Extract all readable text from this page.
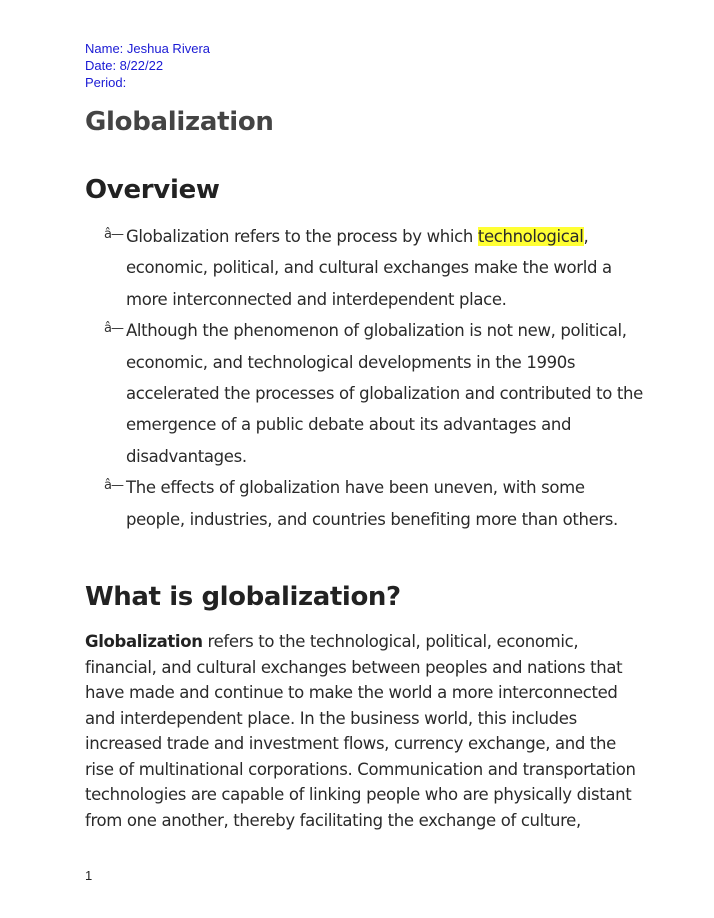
Name: Jeshua Rivera
Date: 8/22/22
Period:
Globalization
Overview
â— Globalization refers to the process by which technological, economic, political, and cultural exchanges make the world a more interconnected and interdependent place.
â— Although the phenomenon of globalization is not new, political, economic, and technological developments in the 1990s accelerated the processes of globalization and contributed to the emergence of a public debate about its advantages and disadvantages.
â— The effects of globalization have been uneven, with some people, industries, and countries benefiting more than others.
What is globalization?

Globalization refers to the technological, political, economic, financial, and cultural exchanges between peoples and nations that have made and continue to make the world a more interconnected and interdependent place. In the business world, this includes increased trade and investment flows, currency exchange, and the rise of multinational corporations. Communication and transportation technologies are capable of linking people who are physically distant from one another, thereby facilitating the exchange of culture,

1
